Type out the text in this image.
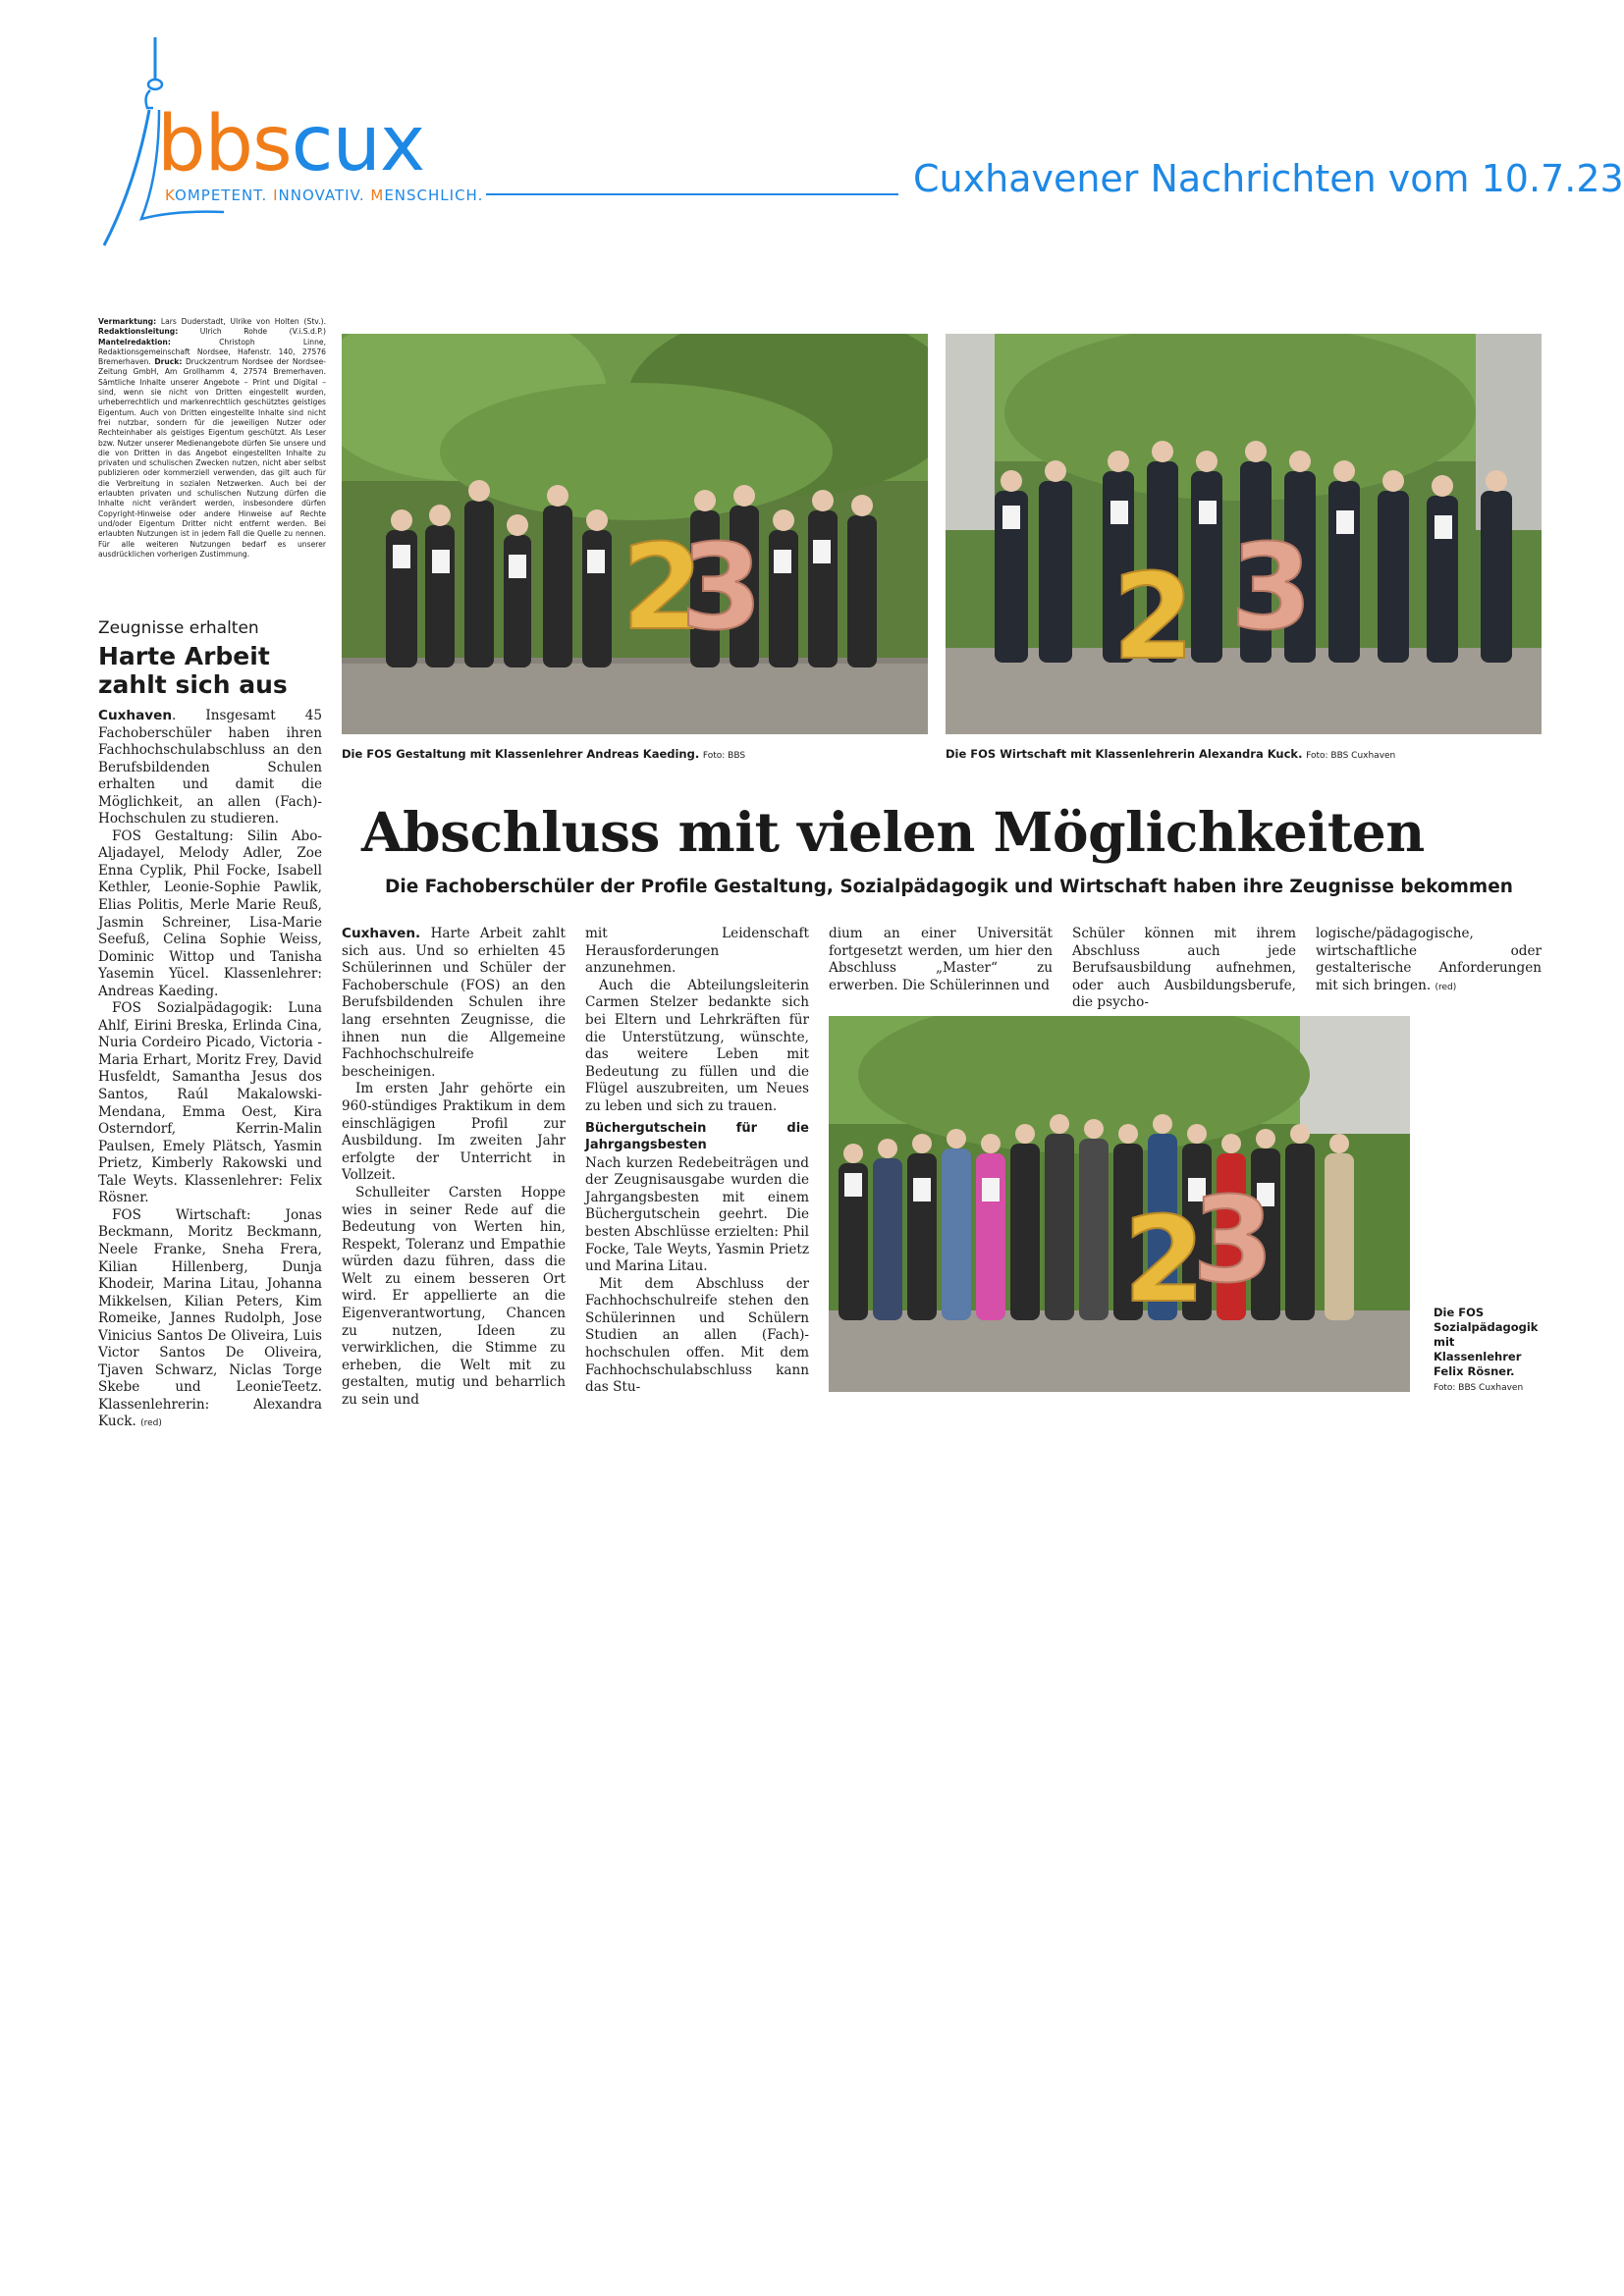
bbscux
KOMPETENT. INNOVATIV. MENSCHLICH.	Cuxhavener Nachrichten vom 10.7.23
Vermarktung: Lars Duderstadt, Ulrike von Holten (Stv.). Redaktionsleitung: Ulrich Rohde (V.i.S.d.P.) Mantelredaktion: Christoph Linne, Redaktionsgemeinschaft Nordsee, Hafenstr. 140, 27576 Bremerhaven. Druck: Druckzentrum Nordsee der Nordsee-Zeitung GmbH, Am Grollhamm 4, 27574 Bremerhaven. Sämtliche Inhalte unserer Angebote – Print und Digital – sind, wenn sie nicht von Dritten eingestellt wurden, urheberrechtlich und markenrechtlich geschütztes geistiges Eigentum. Auch von Dritten eingestellte Inhalte sind nicht frei nutzbar, sondern für die jeweiligen Nutzer oder Rechteinhaber als geistiges Eigentum geschützt. Als Leser bzw. Nutzer unserer Medienangebote dürfen Sie unsere und die von Dritten in das Angebot eingestellten Inhalte zu privaten und schulischen Zwecken nutzen, nicht aber selbst publizieren oder kommerziell verwenden, das gilt auch für die Verbreitung in sozialen Netzwerken. Auch bei der erlaubten privaten und schulischen Nutzung dürfen die Inhalte nicht verändert werden, insbesondere dürfen Copyright-Hinweise oder andere Hinweise auf Rechte und/oder Eigentum Dritter nicht entfernt werden. Bei erlaubten Nutzungen ist in jedem Fall die Quelle zu nennen. Für alle weiteren Nutzungen bedarf es unserer ausdrücklichen vorherigen Zustimmung.
Zeugnisse erhalten
Harte Arbeit zahlt sich aus

Cuxhaven. Insgesamt 45 Fachoberschüler haben ihren Fachhochschulabschluss an den Berufsbildenden Schulen erhalten und damit die Möglichkeit, an allen (Fach)-Hochschulen zu studieren.

FOS Gestaltung: Silin Abo-Aljadayel, Melody Adler, Zoe Enna Cyplik, Phil Focke, Isabell Kethler, Leonie-Sophie Pawlik, Elias Politis, Merle Marie Reuß, Jasmin Schreiner, Lisa-Marie Seefuß, Celina Sophie Weiss, Dominic Wittop und Tanisha Yasemin Yücel. Klassenlehrer: Andreas Kaeding.

FOS Sozialpädagogik: Luna Ahlf, Eirini Breska, Erlinda Cina, Nuria Cordeiro Picado, Victoria - Maria Erhart, Moritz Frey, David Husfeldt, Samantha Jesus dos Santos, Raúl Makalowski-Mendana, Emma Oest, Kira Osterndorf, Kerrin-Malin Paulsen, Emely Plätsch, Yasmin Prietz, Kimberly Rakowski und Tale Weyts. Klassenlehrer: Felix Rösner.

FOS Wirtschaft: Jonas Beckmann, Moritz Beckmann, Neele Franke, Sneha Frera, Kilian Hillenberg, Dunja Khodeir, Marina Litau, Johanna Mikkelsen, Kilian Peters, Kim Romeike, Jannes Rudolph, Jose Vinicius Santos De Oliveira, Luis Victor Santos De Oliveira, Tjaven Schwarz, Niclas Torge Skebe und LeonieTeetz. Klassenlehrerin: Alexandra Kuck. (red)

2
3
Die FOS Gestaltung mit Klassenlehrer Andreas Kaeding. Foto: BBS
2 3
Die FOS Wirtschaft mit Klassenlehrerin Alexandra Kuck. Foto: BBS Cuxhaven
Abschluss mit vielen Möglichkeiten
Die Fachoberschüler der Profile Gestaltung, Sozialpädagogik und Wirtschaft haben ihre Zeugnisse bekommen

Cuxhaven. Harte Arbeit zahlt sich aus. Und so erhielten 45 Schülerinnen und Schüler der Fachoberschule (FOS) an den Berufsbildenden Schulen ihre lang ersehnten Zeugnisse, die ihnen nun die Allgemeine Fachhochschulreife bescheinigen.

Im ersten Jahr gehörte ein 960-stündiges Praktikum in dem einschlägigen Profil zur Ausbildung. Im zweiten Jahr erfolgte der Unterricht in Vollzeit.

Schulleiter Carsten Hoppe wies in seiner Rede auf die Bedeutung von Werten hin, Respekt, Toleranz und Empathie würden dazu führen, dass die Welt zu einem besseren Ort wird. Er appellierte an die Eigenverantwortung, Chancen zu nutzen, Ideen zu verwirklichen, die Stimme zu erheben, die Welt mit zu gestalten, mutig und beharrlich zu sein und

mit Leidenschaft Herausforderungen anzunehmen.

Auch die Abteilungsleiterin Carmen Stelzer bedankte sich bei Eltern und Lehrkräften für die Unterstützung, wünschte, das weitere Leben mit Bedeutung zu füllen und die Flügel auszubreiten, um Neues zu leben und sich zu trauen.

Büchergutschein für die Jahrgangsbesten

Nach kurzen Redebeiträgen und der Zeugnisausgabe wurden die Jahrgangsbesten mit einem Büchergutschein geehrt. Die besten Abschlüsse erzielten: Phil Focke, Tale Weyts, Yasmin Prietz und Marina Litau.

Mit dem Abschluss der Fachhochschulreife stehen den Schülerinnen und Schülern Studien an allen (Fach)-hochschulen offen. Mit dem Fachhochschulabschluss kann das Stu-

dium an einer Universität fortgesetzt werden, um hier den Abschluss „Master“ zu erwerben. Die Schülerinnen und

Schüler können mit ihrem Abschluss auch jede Berufsausbildung aufnehmen, oder auch Ausbildungsberufe, die psycho-

logische/pädagogische, wirtschaftliche oder gestalterische Anforderungen mit sich bringen. (red)

2
3
Die FOS Sozialpädagogik mit Klassenlehrer Felix Rösner.
Foto: BBS Cuxhaven
